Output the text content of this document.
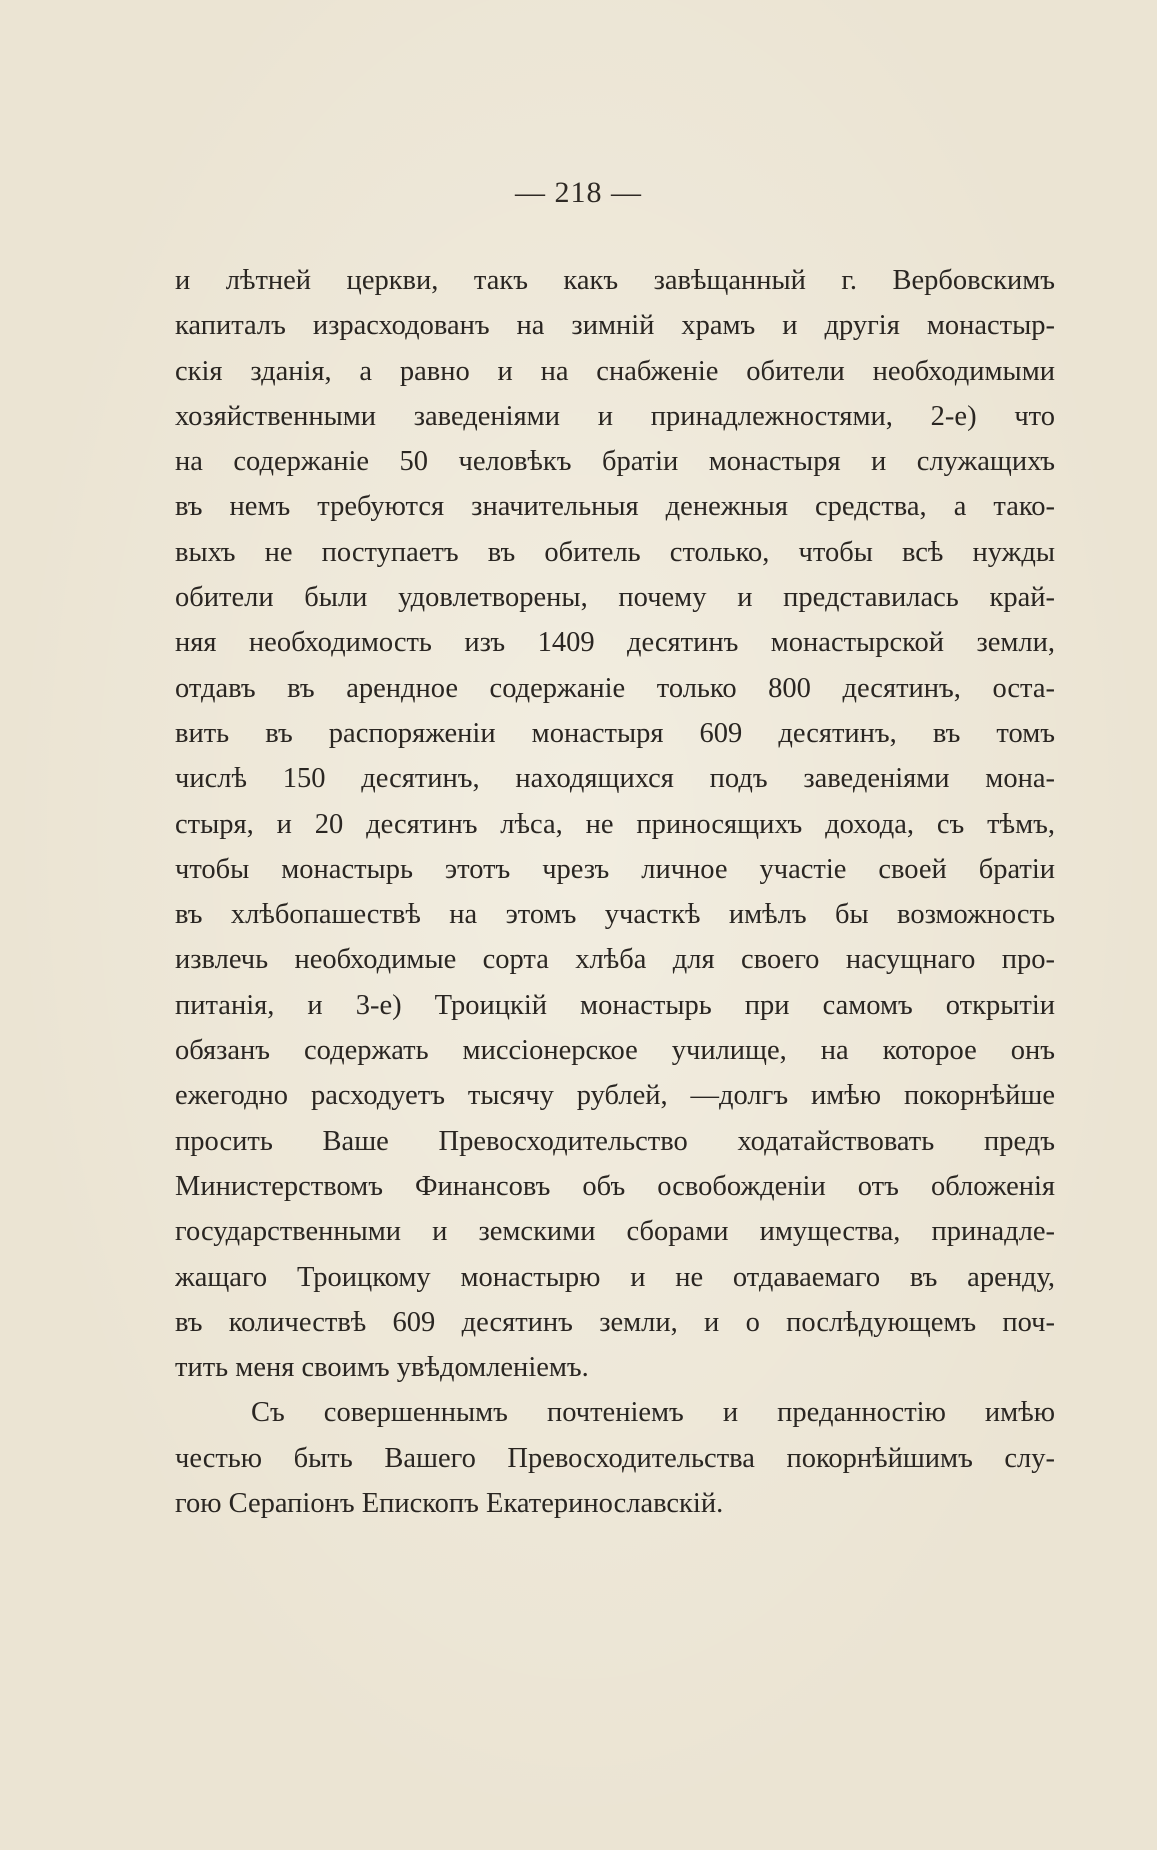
— 218 —
и лѣтней церкви, такъ какъ завѣщанный г. Вербовскимъ
капиталъ израсходованъ на зимній храмъ и другія монастыр-
скія зданія, а равно и на снабженіе обители необходимыми
хозяйственными заведеніями и принадлежностями, 2-е) что
на содержаніе 50 человѣкъ братіи монастыря и служащихъ
въ немъ требуются значительныя денежныя средства, а тако-
выхъ не поступаетъ въ обитель столько, чтобы всѣ нужды
обители были удовлетворены, почему и представилась край-
няя необходимость изъ 1409 десятинъ монастырской земли,
отдавъ въ арендное содержаніе только 800 десятинъ, оста-
вить въ распоряженіи монастыря 609 десятинъ, въ томъ
числѣ 150 десятинъ, находящихся подъ заведеніями мона-
стыря, и 20 десятинъ лѣса, не приносящихъ дохода, съ тѣмъ,
чтобы монастырь этотъ чрезъ личное участіе своей братіи
въ хлѣбопашествѣ на этомъ участкѣ имѣлъ бы возможность
извлечь необходимые сорта хлѣба для своего насущнаго про-
питанія, и 3-е) Троицкій монастырь при самомъ открытіи
обязанъ содержать миссіонерское училище, на которое онъ
ежегодно расходуетъ тысячу рублей, —долгъ имѣю покорнѣйше
просить Ваше Превосходительство ходатайствовать предъ
Министерствомъ Финансовъ объ освобожденіи отъ обложенія
государственными и земскими сборами имущества, принадле-
жащаго Троицкому монастырю и не отдаваемаго въ аренду,
въ количествѣ 609 десятинъ земли, и о послѣдующемъ поч-
тить меня своимъ увѣдомленіемъ.
Съ совершеннымъ почтеніемъ и преданностію имѣю
честью быть Вашего Превосходительства покорнѣйшимъ слу-
гою Серапіонъ Епископъ Екатеринославскій.
